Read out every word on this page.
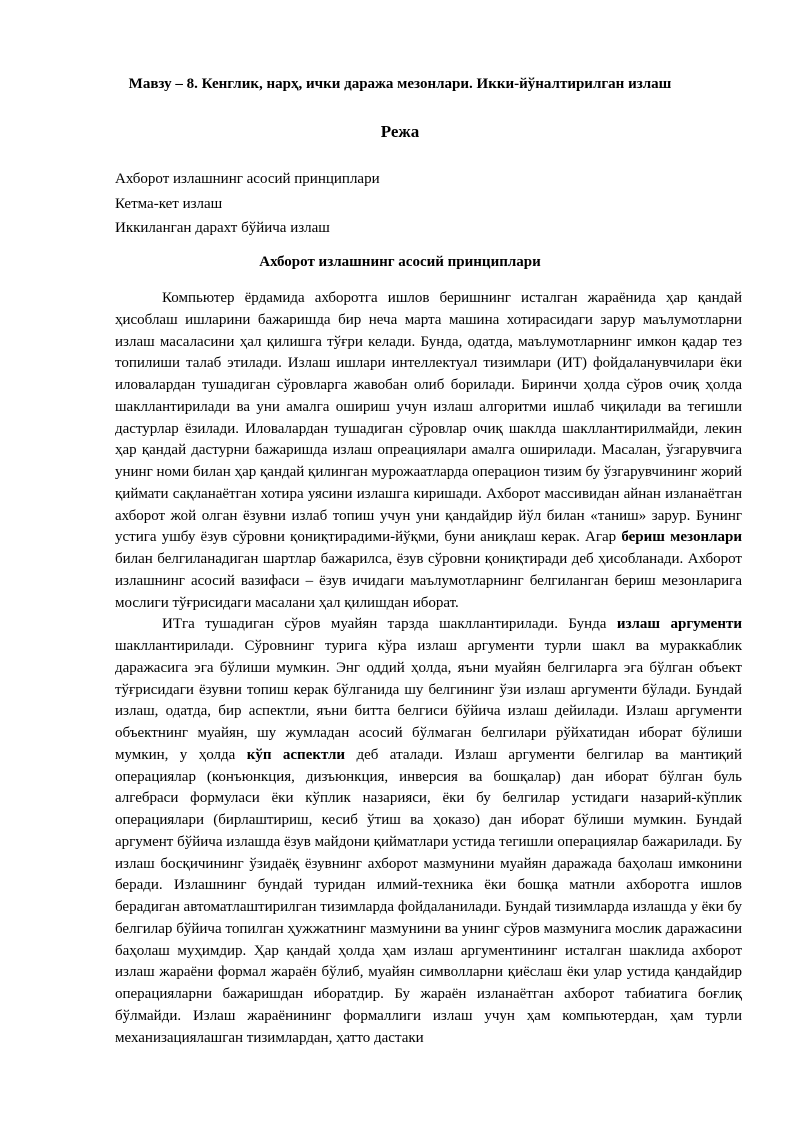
Мавзу – 8. Кенглик, нарҳ, ички даража мезонлари. Икки-йўналтирилган излаш
Режа
Ахборот излашнинг асосий принциплари
Кетма-кет излаш
Иккиланган дарахт бўйича излаш
Ахборот излашнинг асосий принциплари

Компьютер ёрдамида ахборотга ишлов беришнинг исталган жараёнида ҳар қандай ҳисоблаш ишларини бажаришда бир неча марта машина хотирасидаги зарур маълумотларни излаш масаласини ҳал қилишга тўғри келади. Бунда, одатда, маълумотларнинг имкон қадар тез топилиши талаб этилади. Излаш ишлари интеллектуал тизимлари (ИТ) фойдаланувчилари ёки иловалардан тушадиган сўровларга жавобан олиб борилади. Биринчи ҳолда сўров очиқ ҳолда шакллантирилади ва уни амалга ошириш учун излаш алгоритми ишлаб чиқилади ва тегишли дастурлар ёзилади. Иловалардан тушадиган сўровлар очиқ шаклда шакллантирилмайди, лекин ҳар қандай дастурни бажаришда излаш опреациялари амалга оширилади. Масалан, ўзгарувчига унинг номи билан ҳар қандай қилинган мурожаатларда операцион тизим бу ўзгарувчининг жорий қиймати сақланаётган хотира уясини излашга киришади. Ахборот массивидан айнан изланаётган ахборот жой олган ёзувни излаб топиш учун уни қандайдир йўл билан «таниш» зарур. Бунинг устига ушбу ёзув сўровни қониқтирадими-йўқми, буни аниқлаш керак. Агар бериш мезонлари билан белгиланадиган шартлар бажарилса, ёзув сўровни қониқтиради деб ҳисобланади. Ахборот излашнинг асосий вазифаси – ёзув ичидаги маълумотларнинг белгиланган бериш мезонларига мослиги тўғрисидаги масалани ҳал қилишдан иборат.

ИТга тушадиган сўров муайян тарзда шакллантирилади. Бунда излаш аргументи шакллантирилади. Сўровнинг турига кўра излаш аргументи турли шакл ва мураккаблик даражасига эга бўлиши мумкин. Энг оддий ҳолда, яъни муайян белгиларга эга бўлган объект тўғрисидаги ёзувни топиш керак бўлганида шу белгининг ўзи излаш аргументи бўлади. Бундай излаш, одатда, бир аспектли, яъни битта белгиси бўйича излаш дейилади. Излаш аргументи объектнинг муайян, шу жумладан асосий бўлмаган белгилари рўйхатидан иборат бўлиши мумкин, у ҳолда кўп аспектли деб аталади. Излаш аргументи белгилар ва мантиқий операциялар (конъюнкция, дизъюнкция, инверсия ва бошқалар) дан иборат бўлган буль алгебраси формуласи ёки кўплик назарияси, ёки бу белгилар устидаги назарий-кўплик операциялари (бирлаштириш, кесиб ўтиш ва ҳоказо) дан иборат бўлиши мумкин. Бундай аргумент бўйича излашда ёзув майдони қийматлари устида тегишли операциялар бажарилади. Бу излаш босқичининг ўзидаёқ ёзувнинг ахборот мазмунини муайян даражада баҳолаш имконини беради. Излашнинг бундай туридан илмий-техника ёки бошқа матнли ахборотга ишлов берадиган автоматлаштирилган тизимларда фойдаланилади. Бундай тизимларда излашда у ёки бу белгилар бўйича топилган ҳужжатнинг мазмунини ва унинг сўров мазмунига мослик даражасини баҳолаш муҳимдир. Ҳар қандай ҳолда ҳам излаш аргументининг исталган шаклида ахборот излаш жараёни формал жараён бўлиб, муайян символларни қиёслаш ёки улар устида қандайдир операцияларни бажаришдан иборатдир. Бу жараён изланаётган ахборот табиатига боғлиқ бўлмайди. Излаш жараёнининг формаллиги излаш учун ҳам компьютердан, ҳам турли механизациялашган тизимлардан, ҳатто дастаки
